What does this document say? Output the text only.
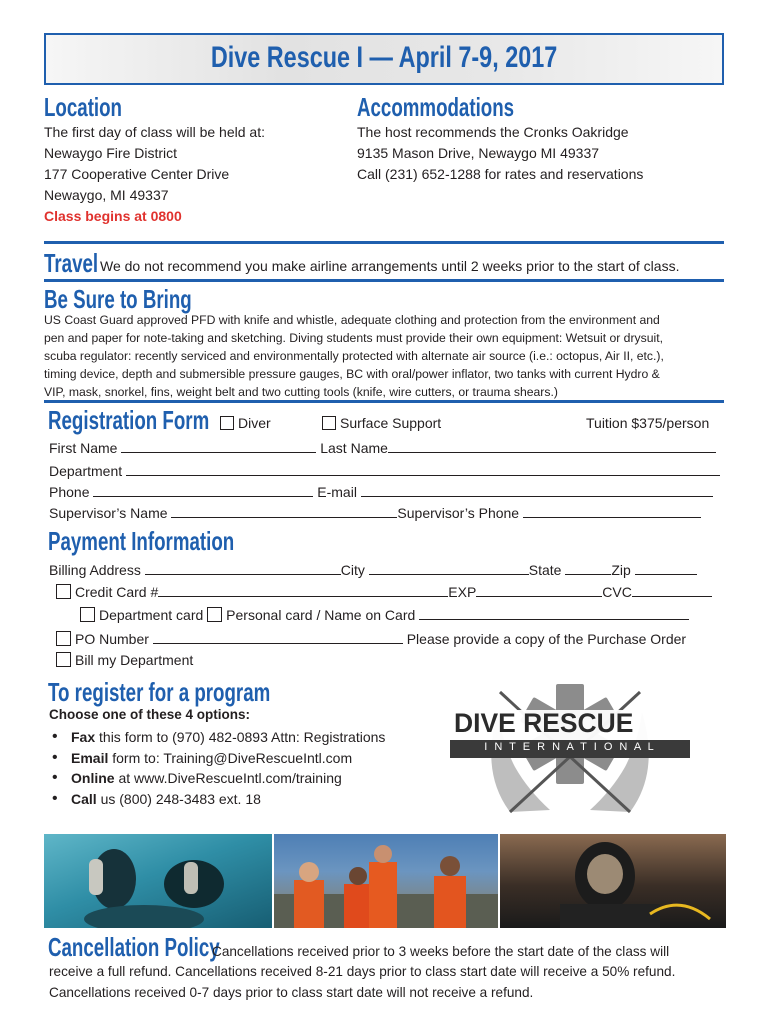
Dive Rescue I — April 7-9, 2017
Location
The first day of class will be held at:
Newaygo Fire District
177 Cooperative Center Drive
Newaygo, MI 49337
Class begins at 0800
Accommodations
The host recommends the Cronks Oakridge
9135 Mason Drive, Newaygo MI 49337
Call (231) 652-1288 for rates and reservations
Travel We do not recommend you make airline arrangements until 2 weeks prior to the start of class.
Be Sure to Bring
US Coast Guard approved PFD with knife and whistle, adequate clothing and protection from the environment and
pen and paper for note-taking and sketching. Diving students must provide their own equipment: Wetsuit or drysuit,
scuba regulator: recently serviced and environmentally protected with alternate air source (i.e.: octopus, Air II, etc.),
timing device, depth and submersible pressure gauges, BC with oral/power inflator, two tanks with current Hydro &
VIP, mask, snorkel, fins, weight belt and two cutting tools (knife, wire cutters, or trauma shears.)
Registration Form	Diver	Surface Support	Tuition $375/person
First Name	Last Name
Department
Phone	E-mail
Supervisor’s Name	Supervisor’s Phone
Payment Information
Billing Address	City	State	Zip
Credit Card #	EXP	CVC
Department card Personal card / Name on Card
PO Number	Please provide a copy of the Purchase Order
Bill my Department
To register for a program
Choose one of these 4 options:
• Fax this form to (970) 482-0893 Attn: Registrations
• Email form to: Training@DiveRescueIntl.com
• Online at www.DiveRescueIntl.com/training
• Call us (800) 248-3483 ext. 18
DIVE RESCUE
I N T E R N A T I O N A L
Cancellation Policy
Cancellations received prior to 3 weeks before the start date of the class will
receive a full refund. Cancellations received 8-21 days prior to class start date will receive a 50% refund.
Cancellations received 0-7 days prior to class start date will not receive a refund.
